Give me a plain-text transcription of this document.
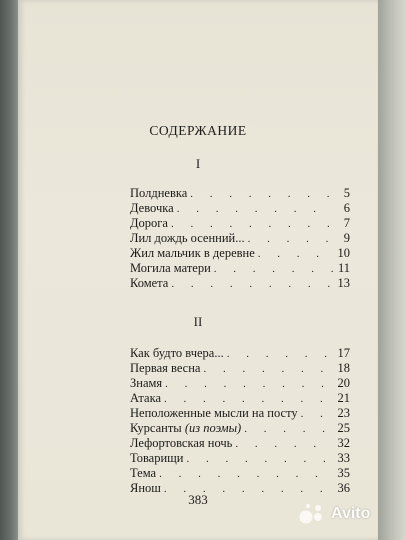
СОДЕРЖАНИЕ
I
Полдневка . . .	5
Девочка . . .	6
Дорога . . .	7
Лил дождь осенний... . . .	9
Жил мальчик в деревне . . .	10
Могила матери . . .	11
Комета . . .	13
II
Как будто вчера... . . .	17
Первая весна . . .	18
Знамя . . .	20
Атака . . .	21
Неположенные мысли на посту . . .	23
Курсанты (из поэмы) . . .	25
Лефортовская ночь . . .	32
Товарищи . . .	33
Тема . . .	35
Янош . . .	36
383
Avito
